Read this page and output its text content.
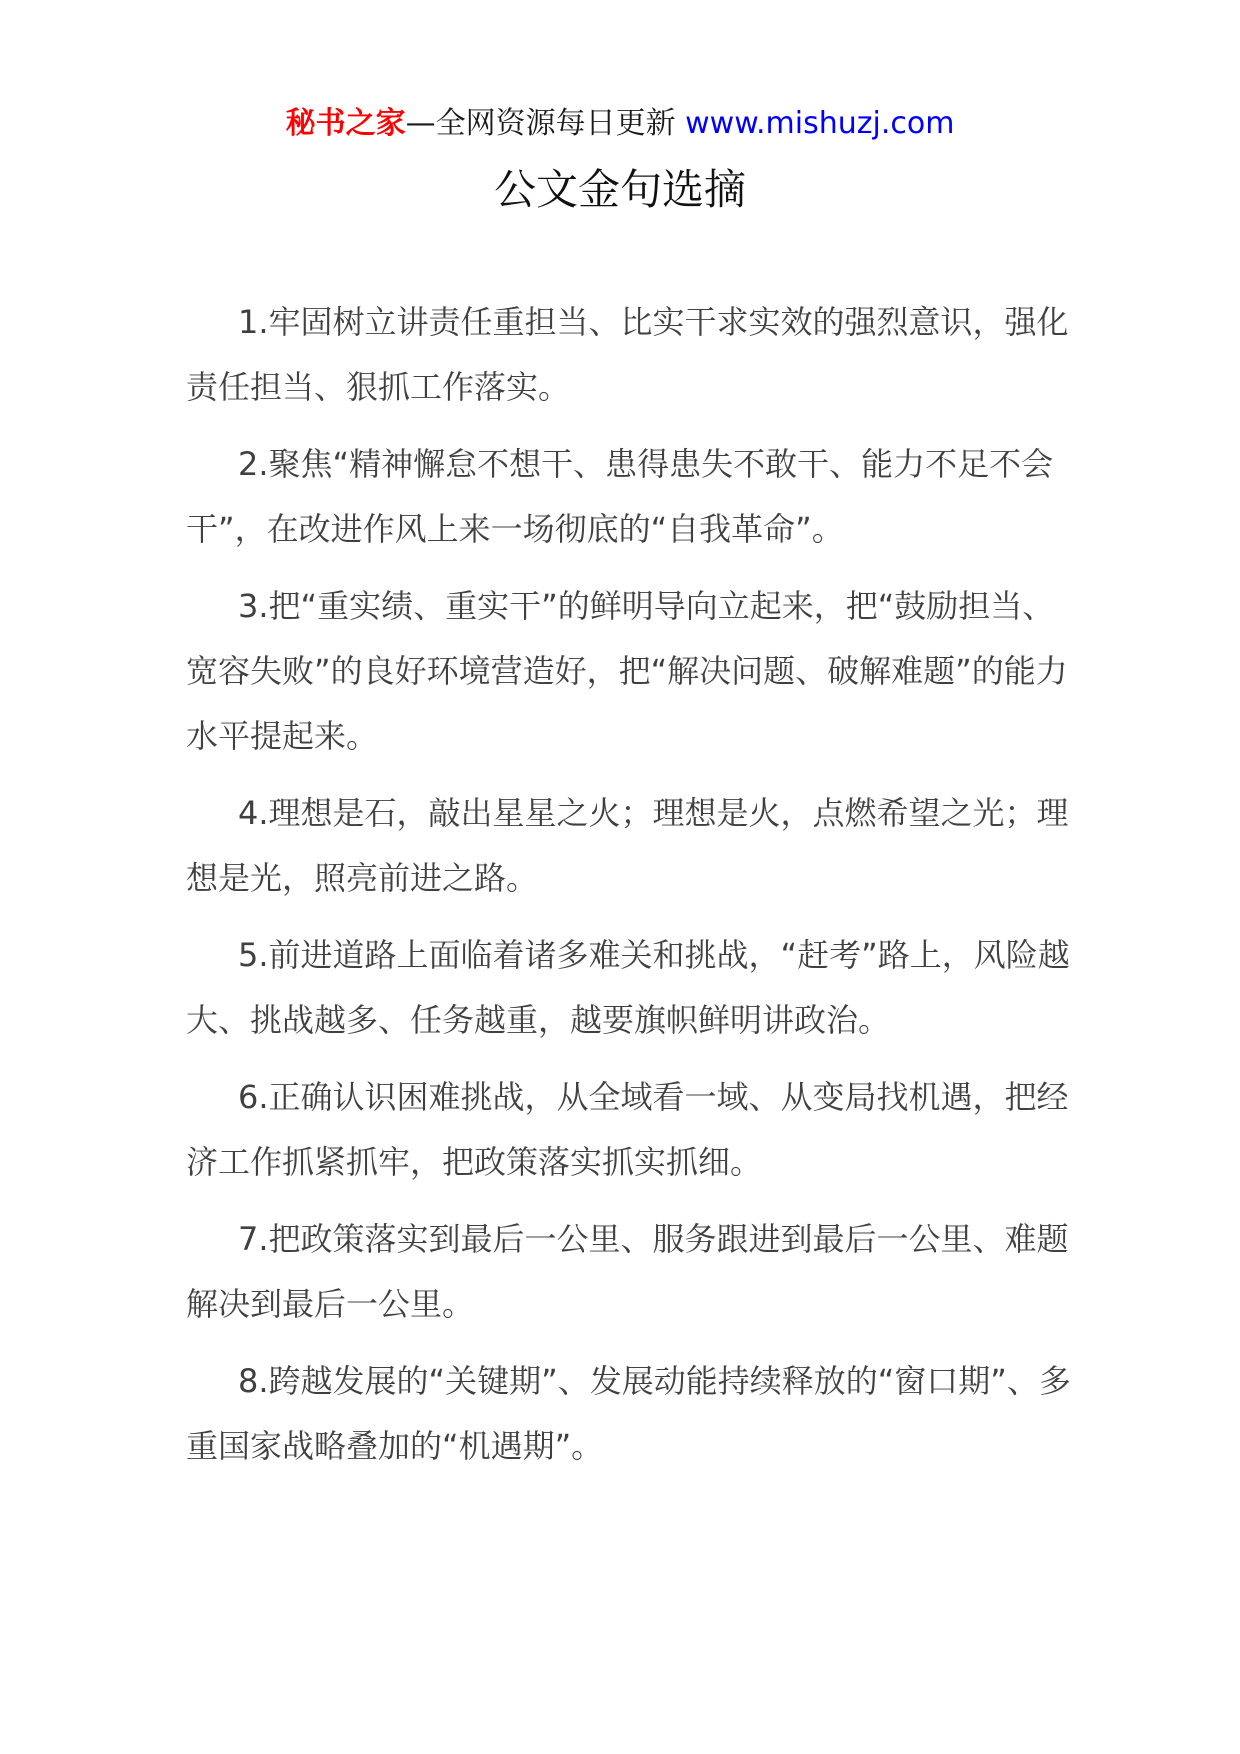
秘书之家—全网资源每日更新 www.mishuzj.com
公文金句选摘

1.牢固树立讲责任重担当、比实干求实效的强烈意识，强化责任担当、狠抓工作落实。

2.聚焦“精神懈怠不想干、患得患失不敢干、能力不足不会干”，在改进作风上来一场彻底的“自我革命”。

3.把“重实绩、重实干”的鲜明导向立起来，把“鼓励担当、宽容失败”的良好环境营造好，把“解决问题、破解难题”的能力水平提起来。

4.理想是石，敲出星星之火；理想是火，点燃希望之光；理想是光，照亮前进之路。

5.前进道路上面临着诸多难关和挑战，“赶考”路上，风险越大、挑战越多、任务越重，越要旗帜鲜明讲政治。

6.正确认识困难挑战，从全域看一域、从变局找机遇，把经济工作抓紧抓牢，把政策落实抓实抓细。

7.把政策落实到最后一公里、服务跟进到最后一公里、难题解决到最后一公里。

8.跨越发展的“关键期”、发展动能持续释放的“窗口期”、多重国家战略叠加的“机遇期”。
